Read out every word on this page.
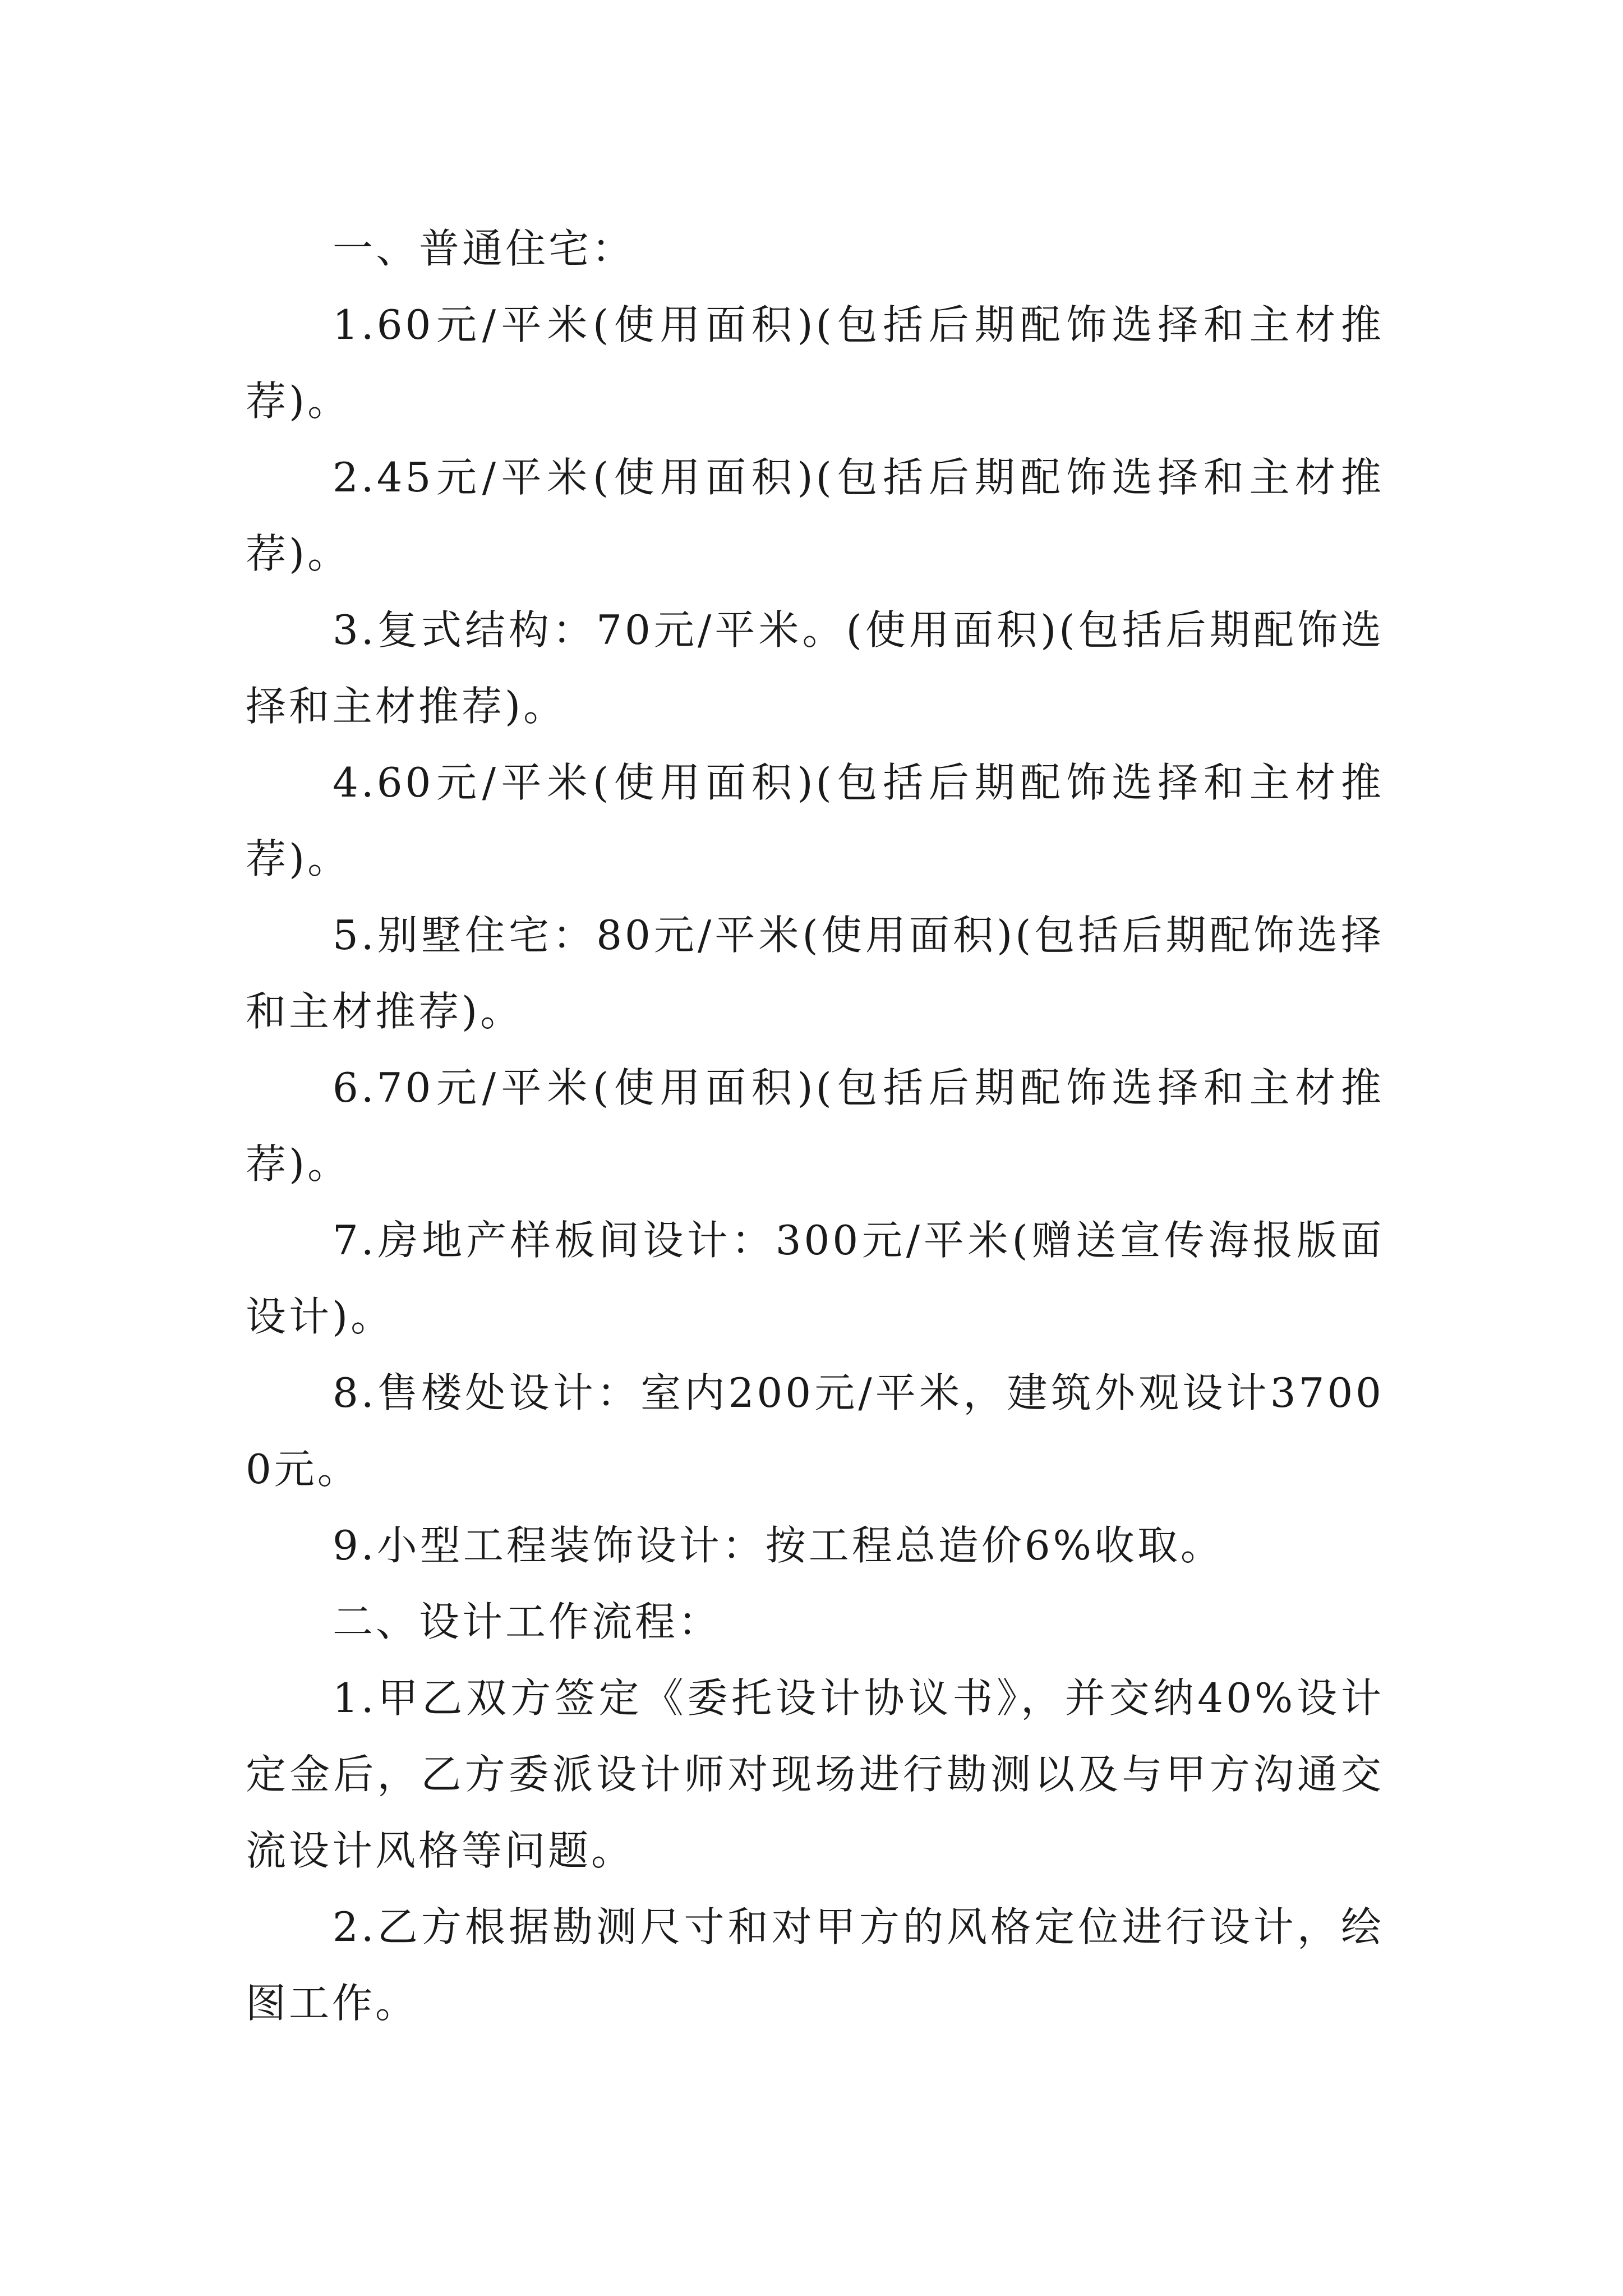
一、普通住宅：

1.60元/平米(使用面积)(包括后期配饰选择和主材推荐)。

2.45元/平米(使用面积)(包括后期配饰选择和主材推荐)。

3.复式结构：70元/平米。(使用面积)(包括后期配饰选择和主材推荐)。

4.60元/平米(使用面积)(包括后期配饰选择和主材推荐)。

5.别墅住宅：80元/平米(使用面积)(包括后期配饰选择和主材推荐)。

6.70元/平米(使用面积)(包括后期配饰选择和主材推荐)。

7.房地产样板间设计：300元/平米(赠送宣传海报版面设计)。

8.售楼处设计：室内200元/平米，建筑外观设计37000元。

9.小型工程装饰设计：按工程总造价6%收取。

二、设计工作流程：

1.甲乙双方签定《委托设计协议书》，并交纳40%设计定金后，乙方委派设计师对现场进行勘测以及与甲方沟通交流设计风格等问题。

2.乙方根据勘测尺寸和对甲方的风格定位进行设计，绘图工作。
